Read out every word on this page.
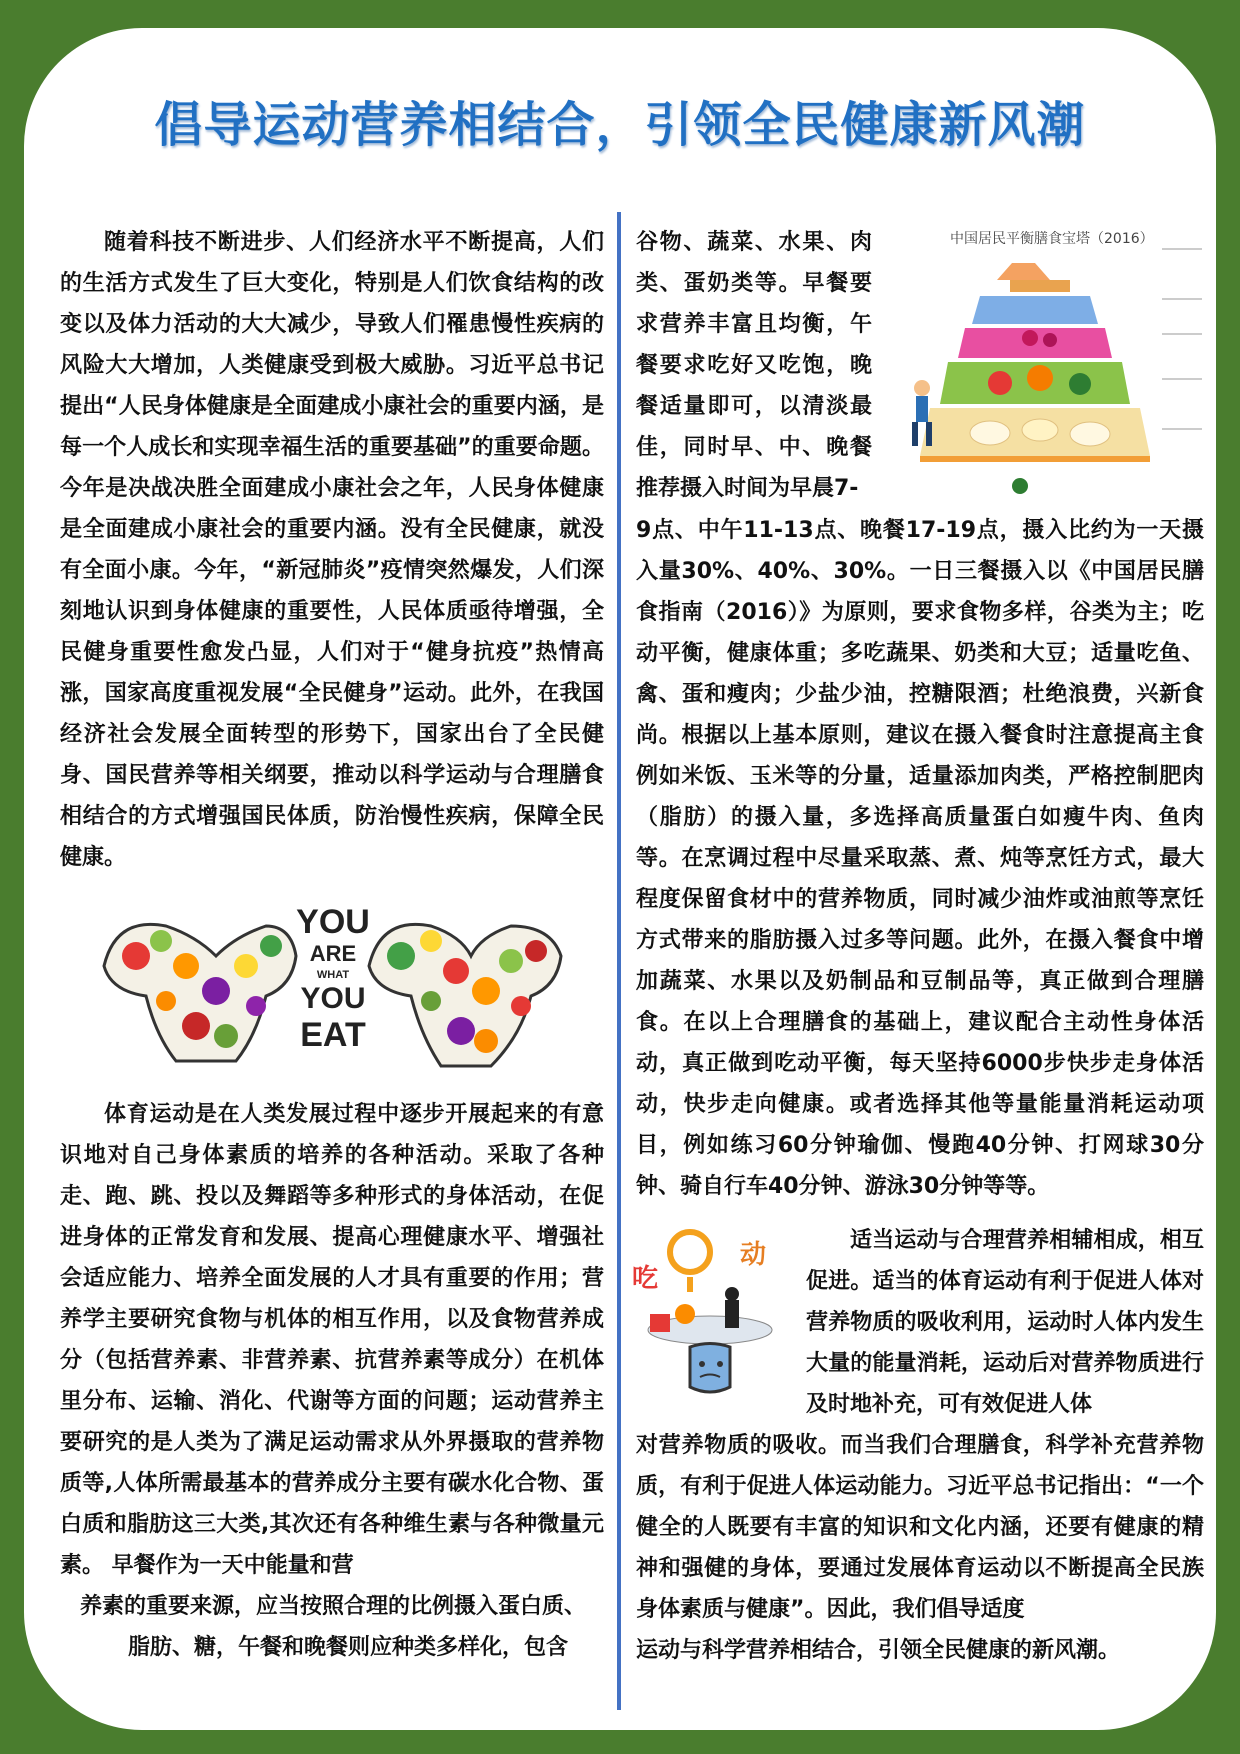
倡导运动营养相结合，引领全民健康新风潮

随着科技不断进步、人们经济水平不断提高，人们的生活方式发生了巨大变化，特别是人们饮食结构的改变以及体力活动的大大减少，导致人们罹患慢性疾病的风险大大增加，人类健康受到极大威胁。习近平总书记提出“人民身体健康是全面建成小康社会的重要内涵，是每一个人成长和实现幸福生活的重要基础”的重要命题。今年是决战决胜全面建成小康社会之年，人民身体健康是全面建成小康社会的重要内涵。没有全民健康，就没有全面小康。今年，“新冠肺炎”疫情突然爆发，人们深刻地认识到身体健康的重要性，人民体质亟待增强，全民健身重要性愈发凸显，人们对于“健身抗疫”热情高涨，国家高度重视发展“全民健身”运动。此外，在我国经济社会发展全面转型的形势下，国家出台了全民健身、国民营养等相关纲要，推动以科学运动与合理膳食相结合的方式增强国民体质，防治慢性疾病，保障全民健康。

YOU
ARE
WHAT
YOU
EAT

体育运动是在人类发展过程中逐步开展起来的有意识地对自己身体素质的培养的各种活动。采取了各种走、跑、跳、投以及舞蹈等多种形式的身体活动，在促进身体的正常发育和发展、提高心理健康水平、增强社会适应能力、培养全面发展的人才具有重要的作用；营养学主要研究食物与机体的相互作用，以及食物营养成分（包括营养素、非营养素、抗营养素等成分）在机体里分布、运输、消化、代谢等方面的问题；运动营养主要研究的是人类为了满足运动需求从外界摄取的营养物质等,人体所需最基本的营养成分主要有碳水化合物、蛋白质和脂肪这三大类,其次还有各种维生素与各种微量元素。 早餐作为一天中能量和营

养素的重要来源，应当按照合理的比例摄入蛋白质、

脂肪、糖，午餐和晚餐则应种类多样化，包含

谷物、蔬菜、水果、肉类、蛋奶类等。早餐要求营养丰富且均衡，午餐要求吃好又吃饱，晚餐适量即可，以清淡最佳，同时早、中、晚餐推荐摄入时间为早晨7-

中国居民平衡膳食宝塔（2016）

9点、中午11-13点、晚餐17-19点，摄入比约为一天摄入量30%、40%、30%。一日三餐摄入以《中国居民膳食指南（2016）》为原则，要求食物多样，谷类为主；吃动平衡，健康体重；多吃蔬果、奶类和大豆；适量吃鱼、禽、蛋和瘦肉；少盐少油，控糖限酒；杜绝浪费，兴新食尚。根据以上基本原则，建议在摄入餐食时注意提高主食例如米饭、玉米等的分量，适量添加肉类，严格控制肥肉（脂肪）的摄入量，多选择高质量蛋白如瘦牛肉、鱼肉等。在烹调过程中尽量采取蒸、煮、炖等烹饪方式，最大程度保留食材中的营养物质，同时减少油炸或油煎等烹饪方式带来的脂肪摄入过多等问题。此外，在摄入餐食中增加蔬菜、水果以及奶制品和豆制品等，真正做到合理膳食。在以上合理膳食的基础上，建议配合主动性身体活动，真正做到吃动平衡，每天坚持6000步快步走身体活动，快步走向健康。或者选择其他等量能量消耗运动项目，例如练习60分钟瑜伽、慢跑40分钟、打网球30分钟、骑自行车40分钟、游泳30分钟等等。

吃
动	适当运动与合理营养相辅相成，相互促进。适当的体育运动有利于促进人体对营养物质的吸收利用，运动时人体内发生大量的能量消耗，运动后对营养物质进行及时地补充，可有效促进人体

对营养物质的吸收。而当我们合理膳食，科学补充营养物质，有利于促进人体运动能力。习近平总书记指出：“一个健全的人既要有丰富的知识和文化内涵，还要有健康的精神和强健的身体，要通过发展体育运动以不断提高全民族身体素质与健康”。因此，我们倡导适度

运动与科学营养相结合，引领全民健康的新风潮。
